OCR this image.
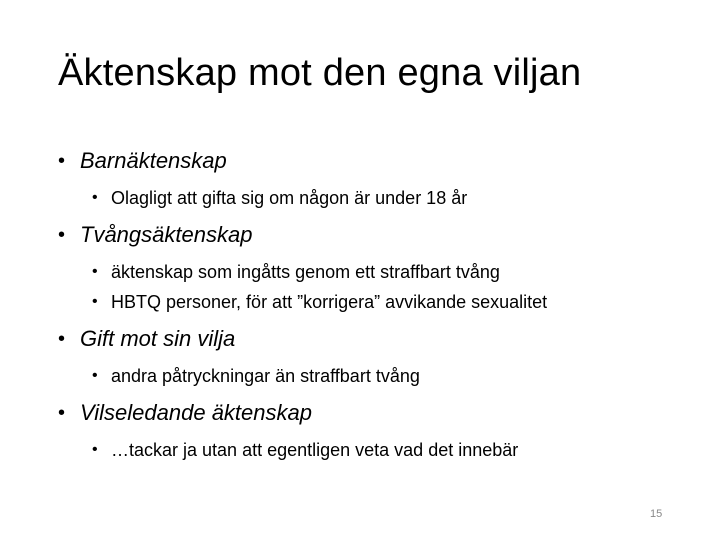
Äktenskap mot den egna viljan
• Barnäktenskap
• Olagligt att gifta sig om någon är under 18 år
• Tvångsäktenskap
• äktenskap som ingåtts genom ett straffbart tvång
• HBTQ personer, för att ”korrigera” avvikande sexualitet
• Gift mot sin vilja
• andra påtryckningar än straffbart tvång
• Vilseledande äktenskap
• …tackar ja utan att egentligen veta vad det innebär
15
